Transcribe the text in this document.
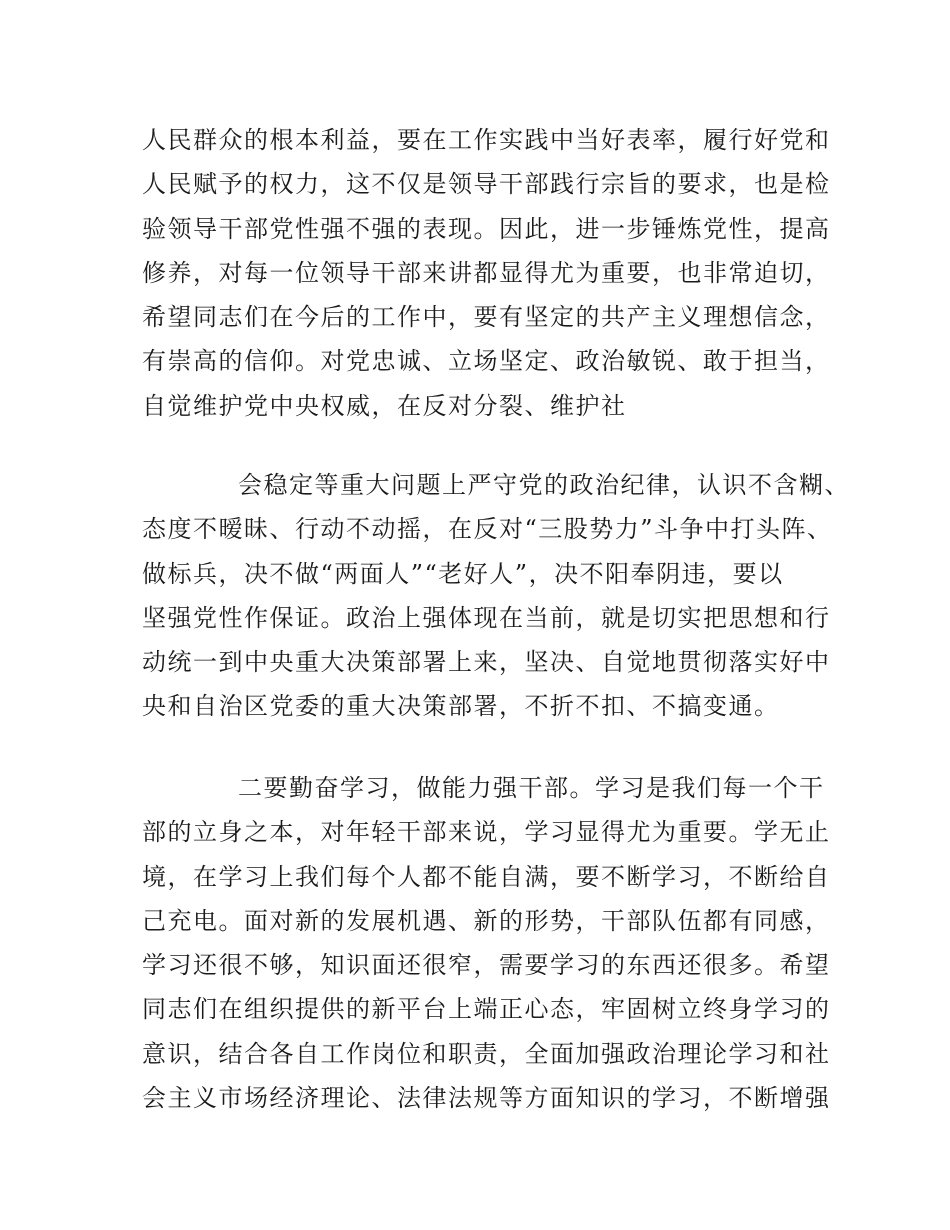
人民群众的根本利益，要在工作实践中当好表率，履行好党和
人民赋予的权力，这不仅是领导干部践行宗旨的要求，也是检
验领导干部党性强不强的表现。因此，进一步锤炼党性，提高
修养，对每一位领导干部来讲都显得尤为重要，也非常迫切，
希望同志们在今后的工作中，要有坚定的共产主义理想信念，
有崇高的信仰。对党忠诚、立场坚定、政治敏锐、敢于担当，
自觉维护党中央权威，在反对分裂、维护社
会稳定等重大问题上严守党的政治纪律，认识不含糊、
态度不暧昧、行动不动摇，在反对“三股势力”斗争中打头阵、
做标兵，决不做“两面人”“老好人”，决不阳奉阴违，要以
坚强党性作保证。政治上强体现在当前，就是切实把思想和行
动统一到中央重大决策部署上来，坚决、自觉地贯彻落实好中
央和自治区党委的重大决策部署，不折不扣、不搞变通。
二要勤奋学习，做能力强干部。学习是我们每一个干
部的立身之本，对年轻干部来说，学习显得尤为重要。学无止
境，在学习上我们每个人都不能自满，要不断学习，不断给自
己充电。面对新的发展机遇、新的形势，干部队伍都有同感，
学习还很不够，知识面还很窄，需要学习的东西还很多。希望
同志们在组织提供的新平台上端正心态，牢固树立终身学习的
意识，结合各自工作岗位和职责，全面加强政治理论学习和社
会主义市场经济理论、法律法规等方面知识的学习，不断增强
